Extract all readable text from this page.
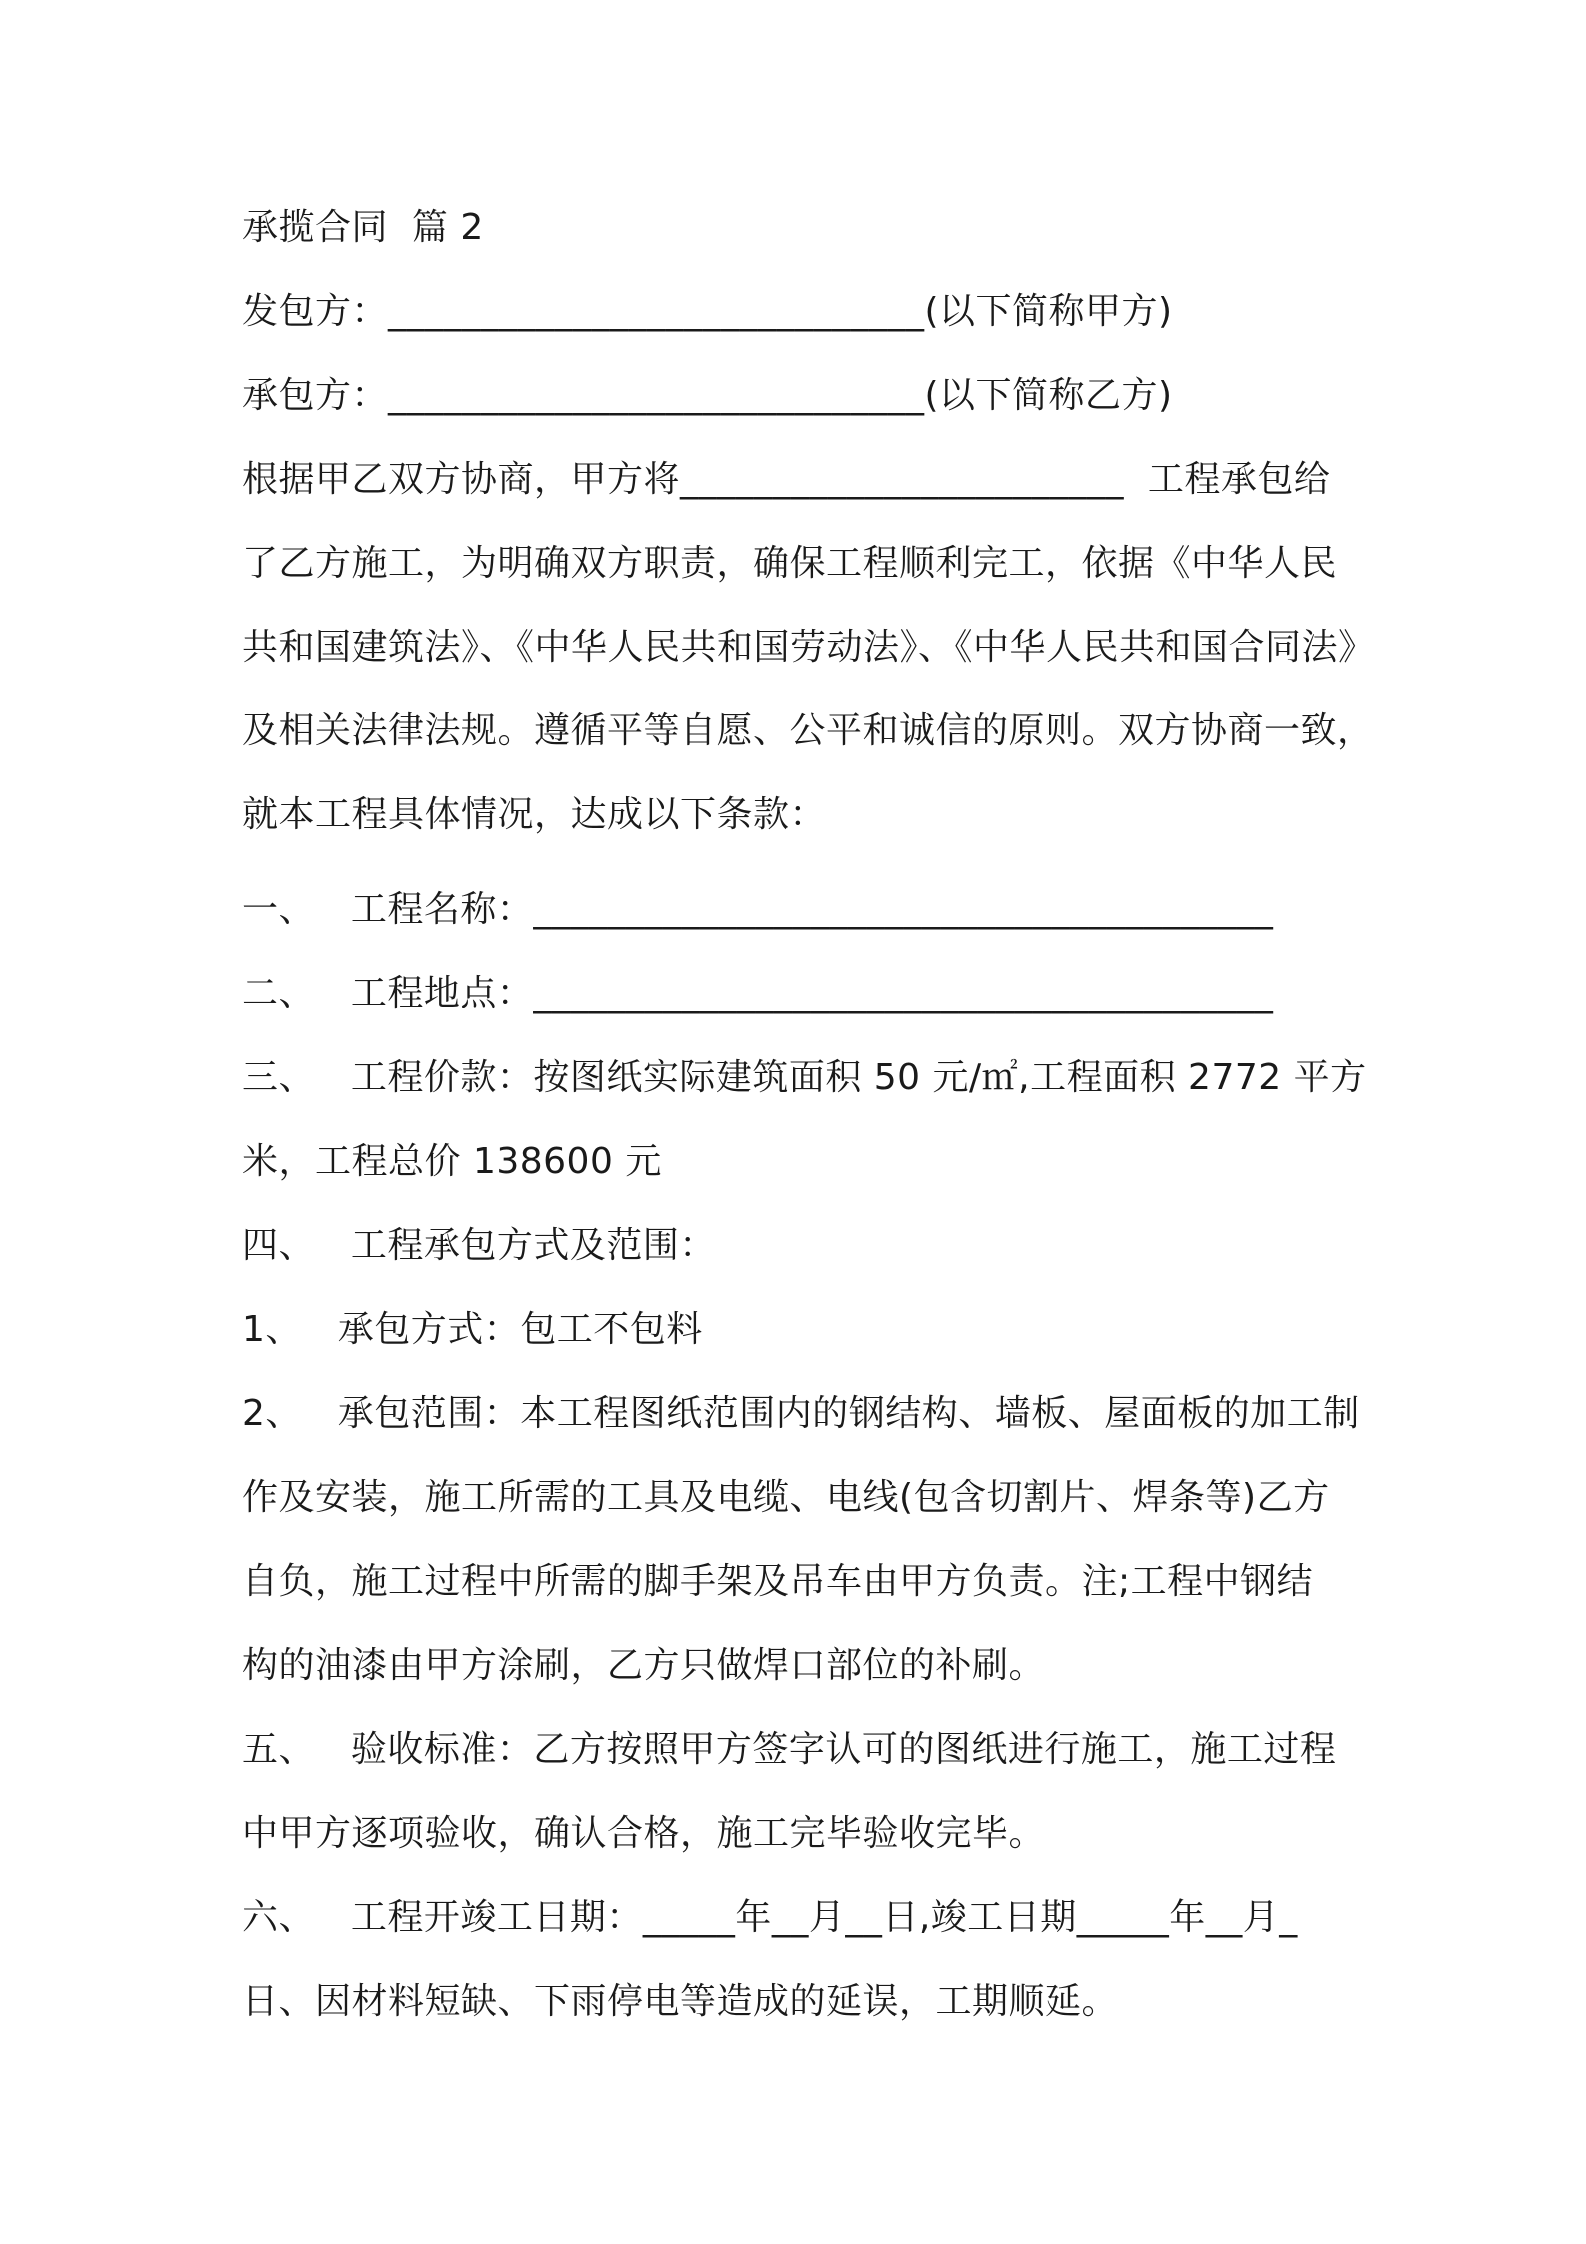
承揽合同  篇 2
发包方：_____________________________(以下简称甲方)
承包方：_____________________________(以下简称乙方)
根据甲乙双方协商，甲方将________________________  工程承包给
了乙方施工，为明确双方职责，确保工程顺利完工，依据《中华人民
共和国建筑法》、《中华人民共和国劳动法》、《中华人民共和国合同法》
及相关法律法规。遵循平等自愿、公平和诚信的原则。双方协商一致，
就本工程具体情况，达成以下条款：
一、   工程名称：________________________________________
二、   工程地点：________________________________________
三、   工程价款：按图纸实际建筑面积 50 元/㎡,工程面积 2772 平方
米，工程总价 138600 元
四、   工程承包方式及范围：
1、   承包方式：包工不包料
2、   承包范围：本工程图纸范围内的钢结构、墙板、屋面板的加工制
作及安装，施工所需的工具及电缆、电线(包含切割片、焊条等)乙方
自负，施工过程中所需的脚手架及吊车由甲方负责。注;工程中钢结
构的油漆由甲方涂刷，乙方只做焊口部位的补刷。
五、   验收标准：乙方按照甲方签字认可的图纸进行施工，施工过程
中甲方逐项验收，确认合格，施工完毕验收完毕。
六、   工程开竣工日期：_____年__月__日,竣工日期_____年__月_
日、因材料短缺、下雨停电等造成的延误，工期顺延。
